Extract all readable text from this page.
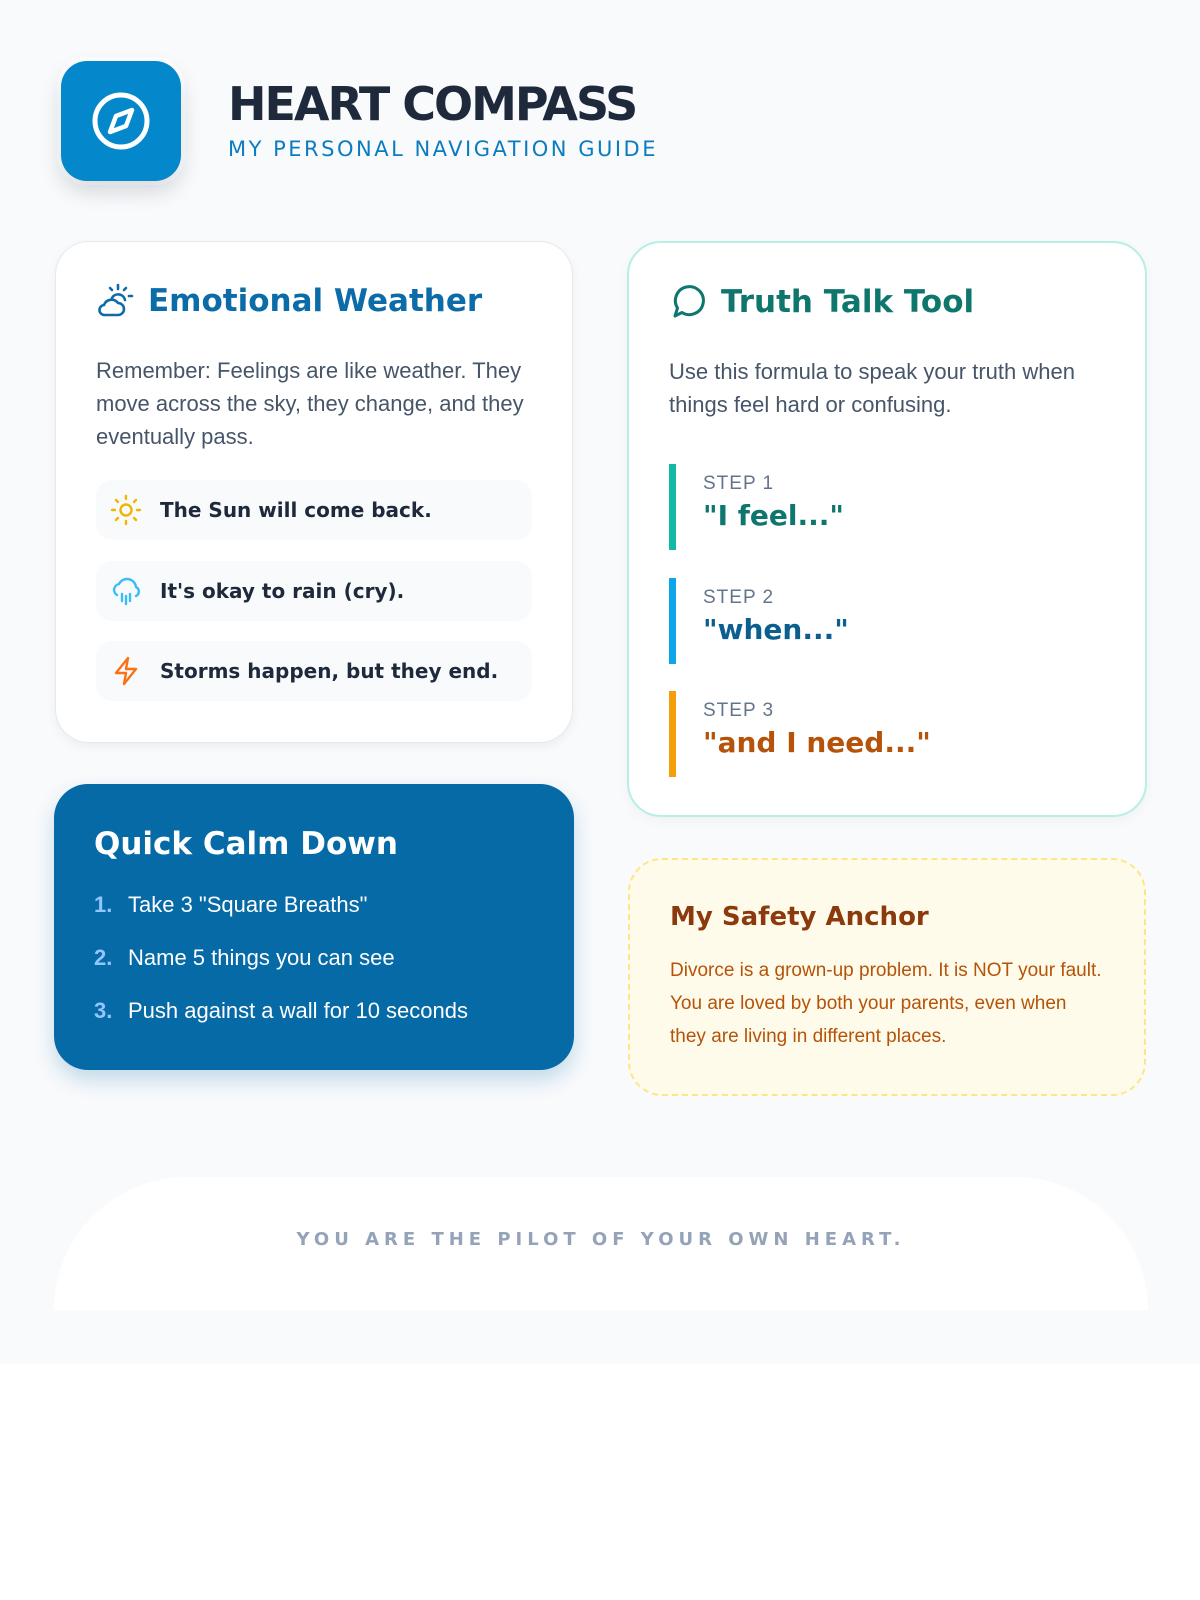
HEART COMPASS
MY PERSONAL NAVIGATION GUIDE
Emotional Weather

Remember: Feelings are like weather. They move across the sky, they change, and they eventually pass.

The Sun will come back.
It's okay to rain (cry).
Storms happen, but they end.
Truth Talk Tool

Use this formula to speak your truth when things feel hard or confusing.

STEP 1
"I feel..."
STEP 2
"when..."
STEP 3
"and I need..."
Quick Calm Down
1. Take 3 "Square Breaths"
2. Name 5 things you can see
3. Push against a wall for 10 seconds
My Safety Anchor

Divorce is a grown-up problem. It is NOT your fault. You are loved by both your parents, even when they are living in different places.

YOU ARE THE PILOT OF YOUR OWN HEART.
